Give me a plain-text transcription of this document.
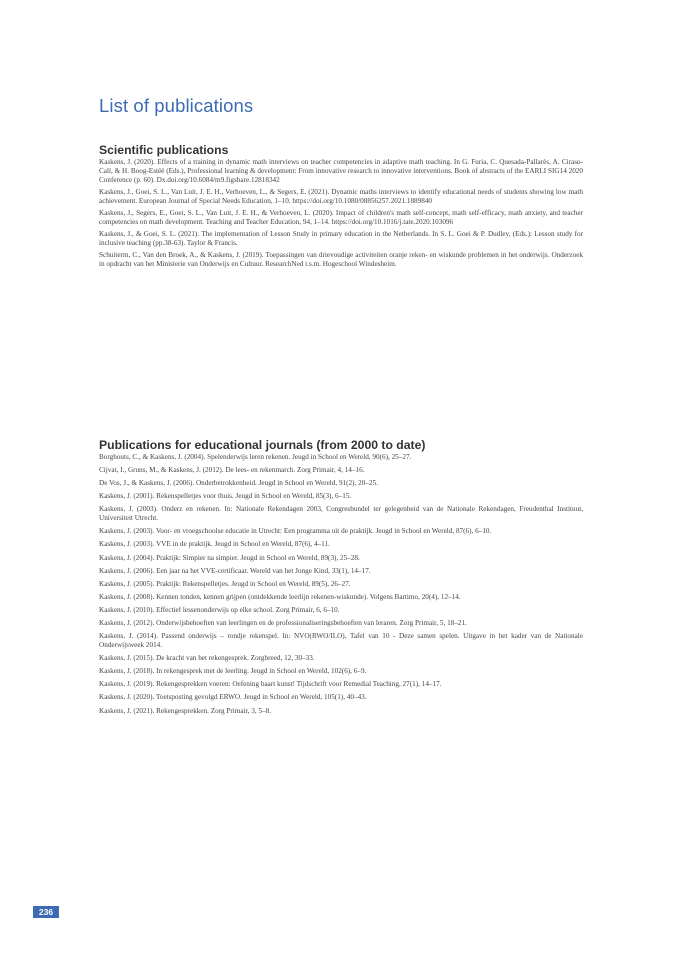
List of publications
Scientific publications

Kaskens, J. (2020). Effects of a training in dynamic math interviews on teacher competencies in adaptive math teaching. In G. Furia, C. Quesada-Pallarès, A. Ciraso-Calí, & H. Boog-Estéé (Eds.), Professional learning & development: From innovative research to innovative interventions. Book of abstracts of the EARLI SIG14 2020 Conference (p. 60). Dx.doi.org/10.6084/m9.figshare.12818342

Kaskens, J., Goei, S. L., Van Luit, J. E. H., Verhoeven, L., & Segers, E. (2021). Dynamic maths interviews to identify educational needs of students showing low math achievement. European Journal of Special Needs Education, 1–10. https://doi.org/10.1080/08856257.2021.1889840

Kaskens, J., Segers, E., Goei, S. L., Van Luit, J. E. H., & Verhoeven, L. (2020). Impact of children's math self-concept, math self-efficacy, math anxiety, and teacher competencies on math development. Teaching and Teacher Education, 94, 1–14. https://doi.org/10.1016/j.tate.2020.103096

Kaskens, J., & Goei, S. L. (2021). The implementation of Lesson Study in primary education in the Netherlands. In S. L. Goei & P. Dudley, (Eds.): Lesson study for inclusive teaching (pp.38-63). Taylor & Francis.

Schuiterm, C., Van den Broek, A., & Kaskens, J. (2019). Toepassingen van drievoudige activiteiten oranje reken- en wiskunde problemen in het onderwijs. Onderzoek in opdracht van het Ministerie van Onderwijs en Cultuur. ResearchNed i.s.m. Hogeschool Windesheim.

Publications for educational journals (from 2000 to date)

Borghouts, C., & Kaskens, J. (2004). Spelenderwijs leren rekenen. Jeugd in School en Wereld, 90(6), 25–27.

Cijvat, I., Gruns, M., & Kaskens, J. (2012). De lees- en rekenmarch. Zorg Primair, 4, 14–16.

De Vos, J., & Kaskens, J. (2006). Onderbetrokkenheid. Jeugd in School en Wereld, 91(2), 20–25.

Kaskens, J. (2001). Rekenspelletjes voor thuis. Jeugd in School en Wereld, 85(3), 6–15.

Kaskens, J. (2003). Onderz en rekenen. In: Nationale Rekendagen 2003, Congresbundel ter gelegenheid van de Nationale Rekendagen, Freudenthal Instituut, Universiteit Utrecht.

Kaskens, J. (2003). Voor- en vroegschoolse educatie in Utrecht: Een programma uit de praktijk. Jeugd in School en Wereld, 87(6), 6–10.

Kaskens, J. (2003). VVE in de praktijk. Jeugd in School en Wereld, 87(6), 4–11.

Kaskens, J. (2004). Praktijk: Simpier na simpier. Jeugd in School en Wereld, 89(3), 25–28.

Kaskens, J. (2006). Een jaar na het VVE-certificaat. Wereld van het Jonge Kind, 33(1), 14–17.

Kaskens, J. (2005). Praktijk: Rekenspelletjes. Jeugd in School en Wereld, 89(5), 26–27.

Kaskens, J. (2008). Kennen tonden, kennen grijpen (ontdekkende leerlijn rekenen-wiskunde). Volgens Bartimo, 20(4), 12–14.

Kaskens, J. (2010). Effectief lessenonderwijs op elke school. Zorg Primair, 6, 6–10.

Kaskens, J. (2012). Onderwijsbehoeften van leerlingen en de professionaliseringsbehoeften van leraren. Zorg Primair, 5, 18–21.

Kaskens, J. (2014). Passend onderwijs – rondje rekenspel. In: NVO(RWO/ILO), Tafel van 10 - Deze samen spelen. Uitgave in het kader van de Nationale Onderwijsweek 2014.

Kaskens, J. (2015). De kracht van het rekengesprek. Zorgbreed, 12, 30–33.

Kaskens, J. (2018). In rekengesprek met de leerling. Jeugd in School en Wereld, 102(6), 6–9.

Kaskens, J. (2019). Rekengesprekken voeren: Oefening baart kunst! Tijdschrift voor Remedial Teaching, 27(1), 14–17.

Kaskens, J. (2020). Toetsposting gevolgd ERWO. Jeugd in School en Wereld, 105(1), 40–43.

Kaskens, J. (2021). Rekengesprekken. Zorg Primair, 3, 5–8.

236
